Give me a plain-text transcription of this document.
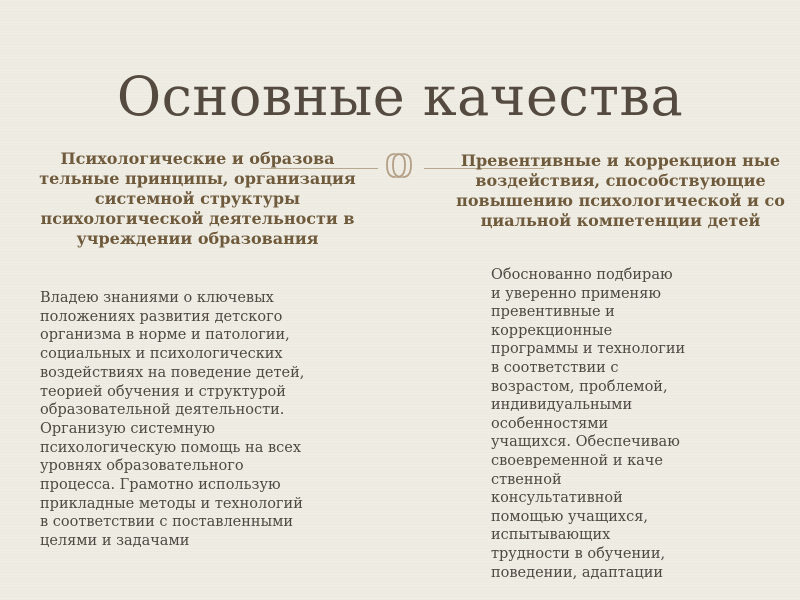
Основные качества
Психологические и образова тельные принципы, организация системной структуры психологической деятельности в учреждении образования
Превентивные и коррекцион ные воздействия, способствующие повышению психологической и со циальной компетенции детей
Владею знаниями о ключевых
положениях развития детского
организма в норме и патологии,
социальных и психологических
воздействиях на поведение детей,
теорией обучения и структурой
образовательной деятельности.
Организую системную
психологическую помощь на всех
уровнях образовательного
процесса. Грамотно использую
прикладные методы и технологий
в соответствии с поставленными
целями и задачами
Обоснованно подбираю
и уверенно применяю
превентивные и
коррекционные
программы и технологии
в соответствии с
возрастом, проблемой,
индивидуальными
особенностями
учащихся. Обеспечиваю
своевременной и каче
ственной
консультативной
помощью учащихся,
испытывающих
трудности в обучении,
поведении, адаптации
